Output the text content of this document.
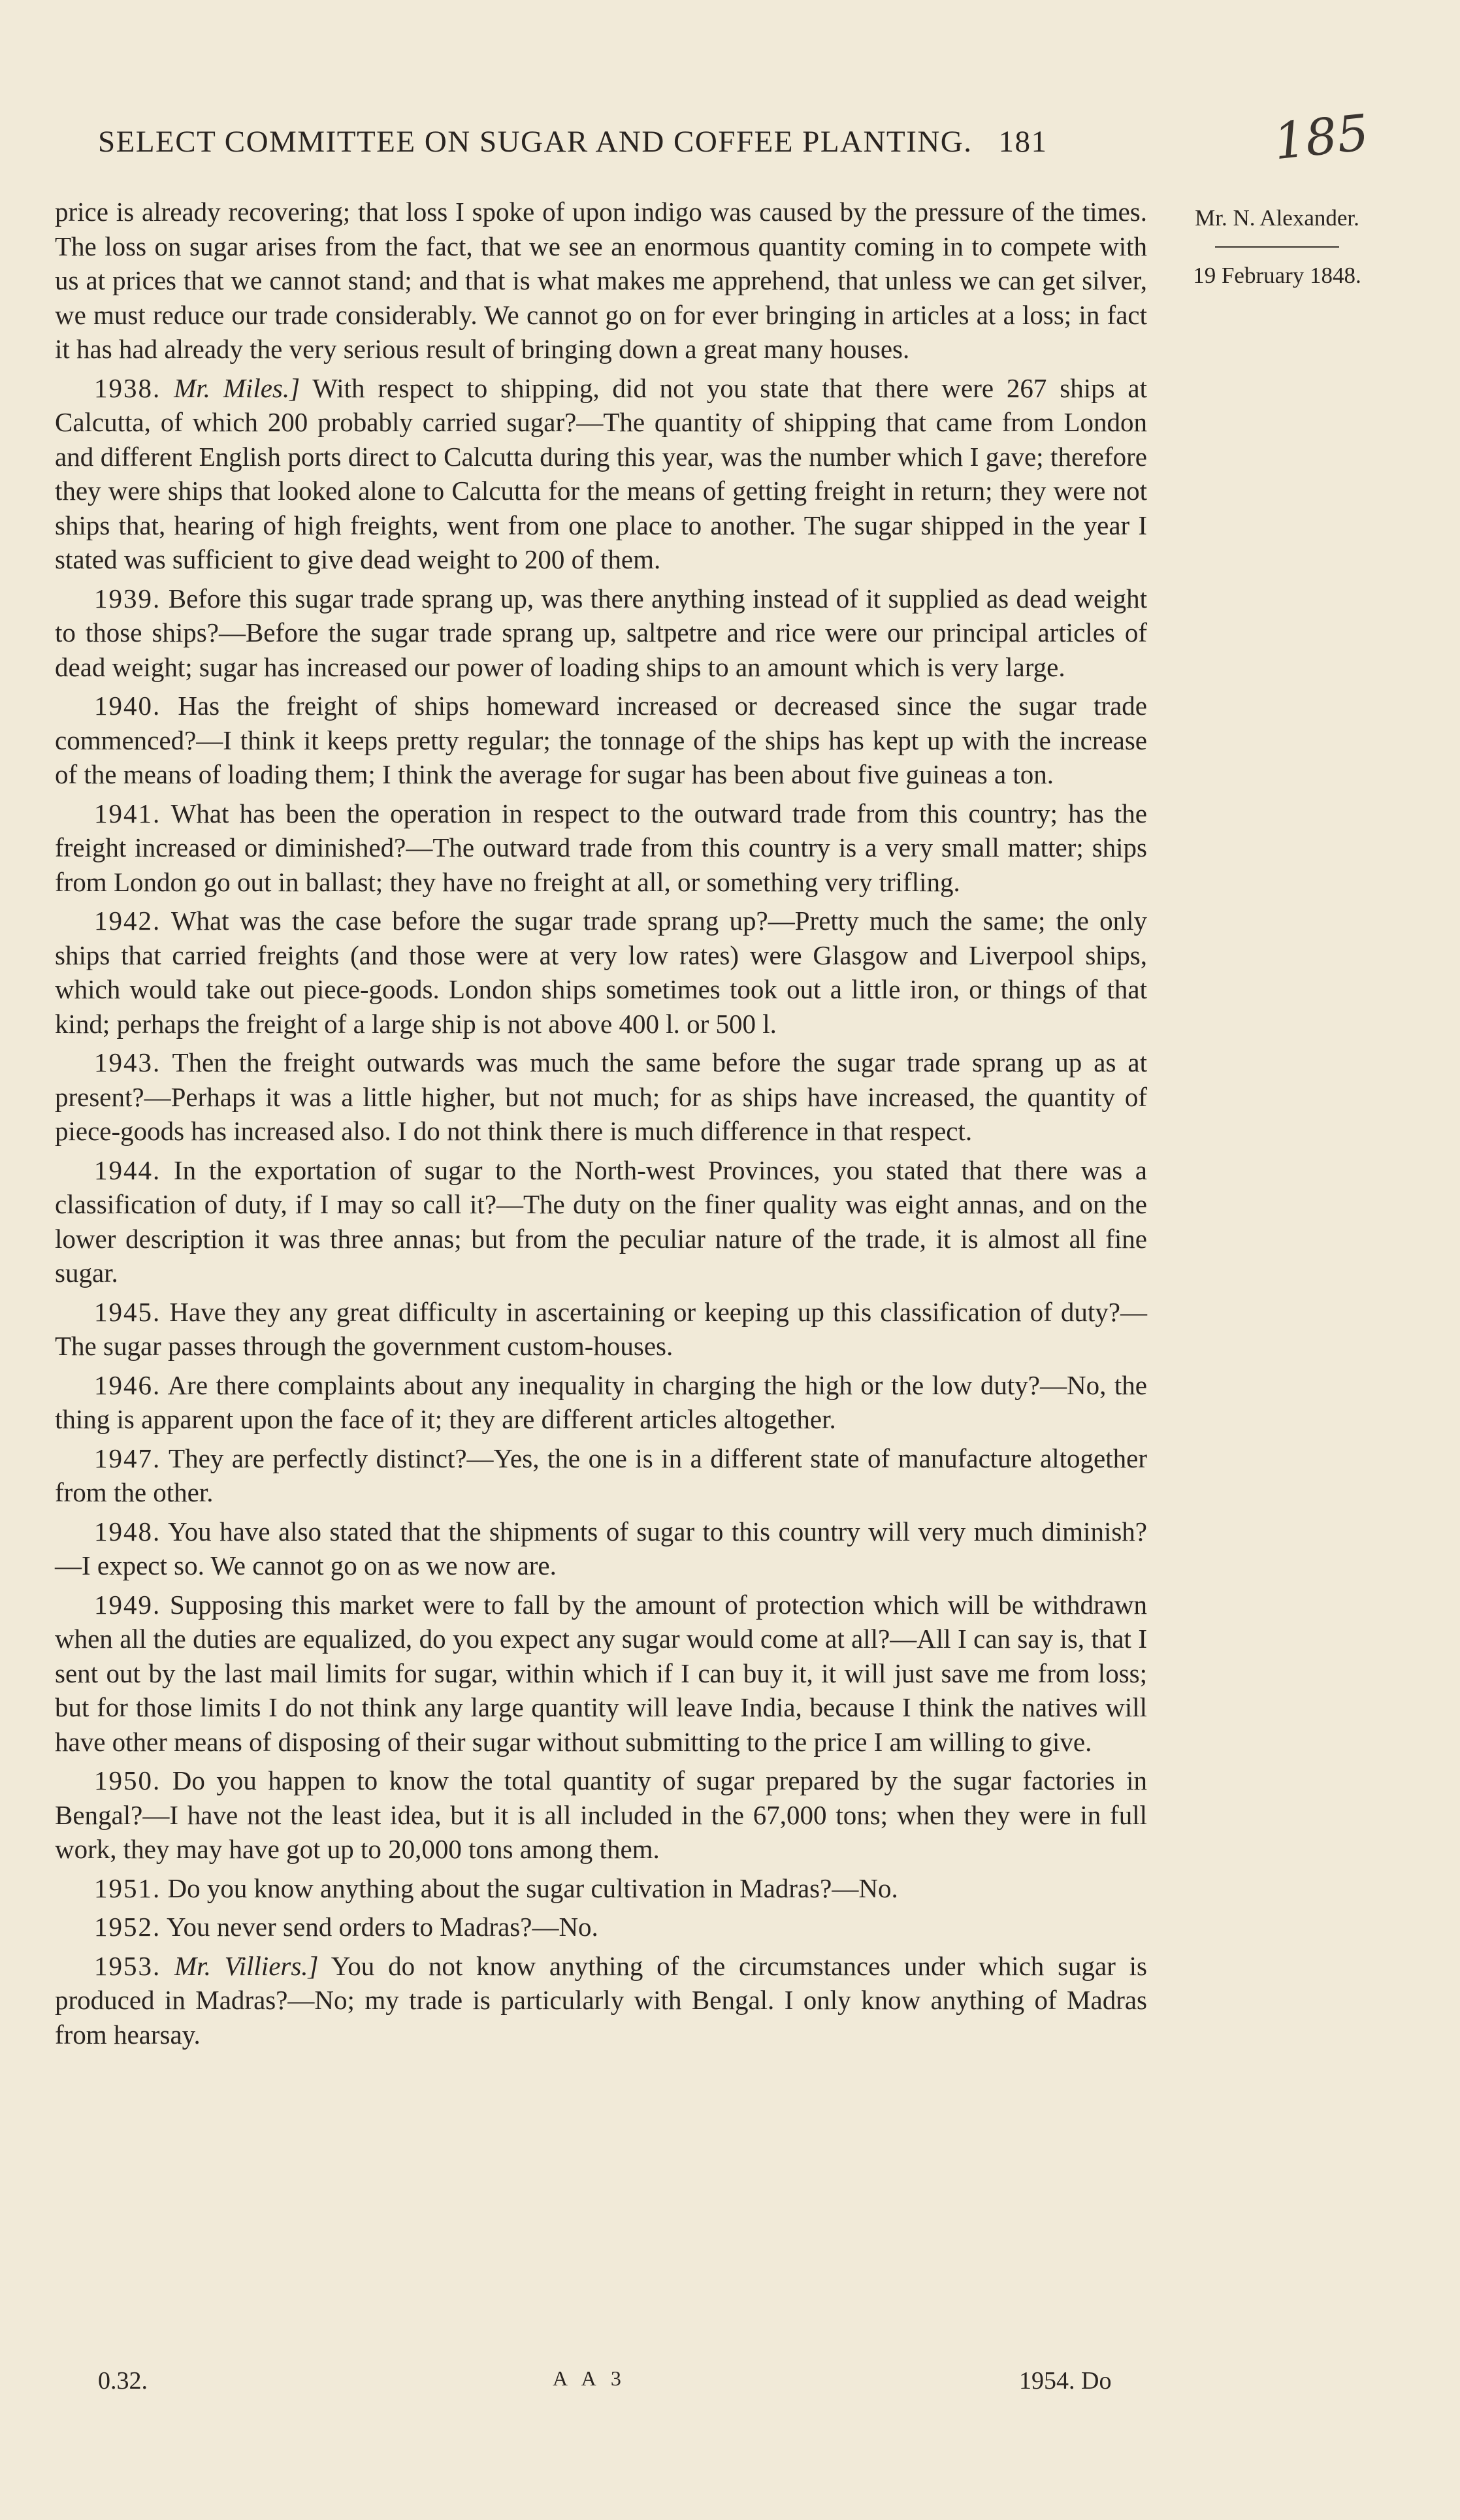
SELECT COMMITTEE ON SUGAR AND COFFEE PLANTING. 181	185
Mr. N. Alexander.
19 February 1848.

price is already recovering; that loss I spoke of upon indigo was caused by the pressure of the times. The loss on sugar arises from the fact, that we see an enormous quantity coming in to compete with us at prices that we cannot stand; and that is what makes me apprehend, that unless we can get silver, we must reduce our trade considerably. We cannot go on for ever bringing in articles at a loss; in fact it has had already the very serious result of bringing down a great many houses.

1938. Mr. Miles.] With respect to shipping, did not you state that there were 267 ships at Calcutta, of which 200 probably carried sugar?—The quantity of shipping that came from London and different English ports direct to Calcutta during this year, was the number which I gave; therefore they were ships that looked alone to Calcutta for the means of getting freight in return; they were not ships that, hearing of high freights, went from one place to another. The sugar shipped in the year I stated was sufficient to give dead weight to 200 of them.

1939. Before this sugar trade sprang up, was there anything instead of it supplied as dead weight to those ships?—Before the sugar trade sprang up, saltpetre and rice were our principal articles of dead weight; sugar has increased our power of loading ships to an amount which is very large.

1940. Has the freight of ships homeward increased or decreased since the sugar trade commenced?—I think it keeps pretty regular; the tonnage of the ships has kept up with the increase of the means of loading them; I think the average for sugar has been about five guineas a ton.

1941. What has been the operation in respect to the outward trade from this country; has the freight increased or diminished?—The outward trade from this country is a very small matter; ships from London go out in ballast; they have no freight at all, or something very trifling.

1942. What was the case before the sugar trade sprang up?—Pretty much the same; the only ships that carried freights (and those were at very low rates) were Glasgow and Liverpool ships, which would take out piece-goods. London ships sometimes took out a little iron, or things of that kind; perhaps the freight of a large ship is not above 400 l. or 500 l.

1943. Then the freight outwards was much the same before the sugar trade sprang up as at present?—Perhaps it was a little higher, but not much; for as ships have increased, the quantity of piece-goods has increased also. I do not think there is much difference in that respect.

1944. In the exportation of sugar to the North-west Provinces, you stated that there was a classification of duty, if I may so call it?—The duty on the finer quality was eight annas, and on the lower description it was three annas; but from the peculiar nature of the trade, it is almost all fine sugar.

1945. Have they any great difficulty in ascertaining or keeping up this classification of duty?—The sugar passes through the government custom-houses.

1946. Are there complaints about any inequality in charging the high or the low duty?—No, the thing is apparent upon the face of it; they are different articles altogether.

1947. They are perfectly distinct?—Yes, the one is in a different state of manufacture altogether from the other.

1948. You have also stated that the shipments of sugar to this country will very much diminish?—I expect so. We cannot go on as we now are.

1949. Supposing this market were to fall by the amount of protection which will be withdrawn when all the duties are equalized, do you expect any sugar would come at all?—All I can say is, that I sent out by the last mail limits for sugar, within which if I can buy it, it will just save me from loss; but for those limits I do not think any large quantity will leave India, because I think the natives will have other means of disposing of their sugar without submitting to the price I am willing to give.

1950. Do you happen to know the total quantity of sugar prepared by the sugar factories in Bengal?—I have not the least idea, but it is all included in the 67,000 tons; when they were in full work, they may have got up to 20,000 tons among them.

1951. Do you know anything about the sugar cultivation in Madras?—No.

1952. You never send orders to Madras?—No.

1953. Mr. Villiers.] You do not know anything of the circumstances under which sugar is produced in Madras?—No; my trade is particularly with Bengal. I only know anything of Madras from hearsay.

0.32.	A A 3	1954. Do
